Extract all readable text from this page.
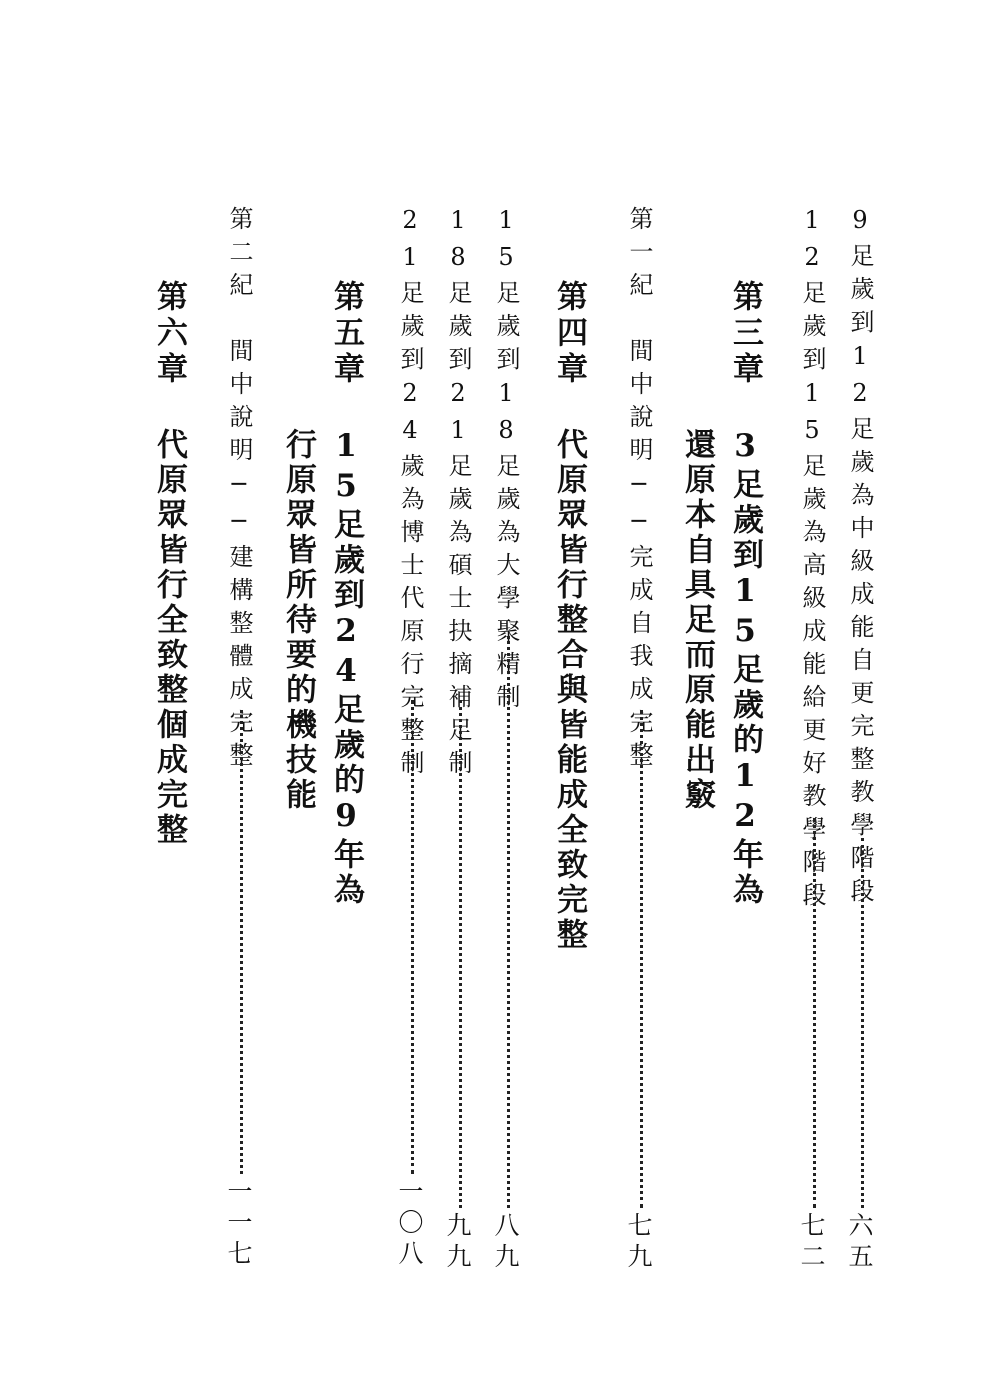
9足歲到12足歲為中級成能自更完整教學階段
六五
12足歲到15足歲為高級成能給更好教學階段
七二
第三章
3足歲到15足歲的12年為
還原本自具足而原能出竅
第一紀　間中說明──完成自我成完整
七九
第四章
代原眾皆行整合與皆能成全致完整
15足歲到18足歲為大學聚精制
八九
18足歲到21足歲為碩士抉摘補足制
九九
21足歲到24歲為博士代原行完整制
一〇八
第五章
15足歲到24足歲的9年為
行原眾皆所待要的機技能
第二紀　間中說明──建構整體成完整
一一七
第六章
代原眾皆行全致整個成完整
